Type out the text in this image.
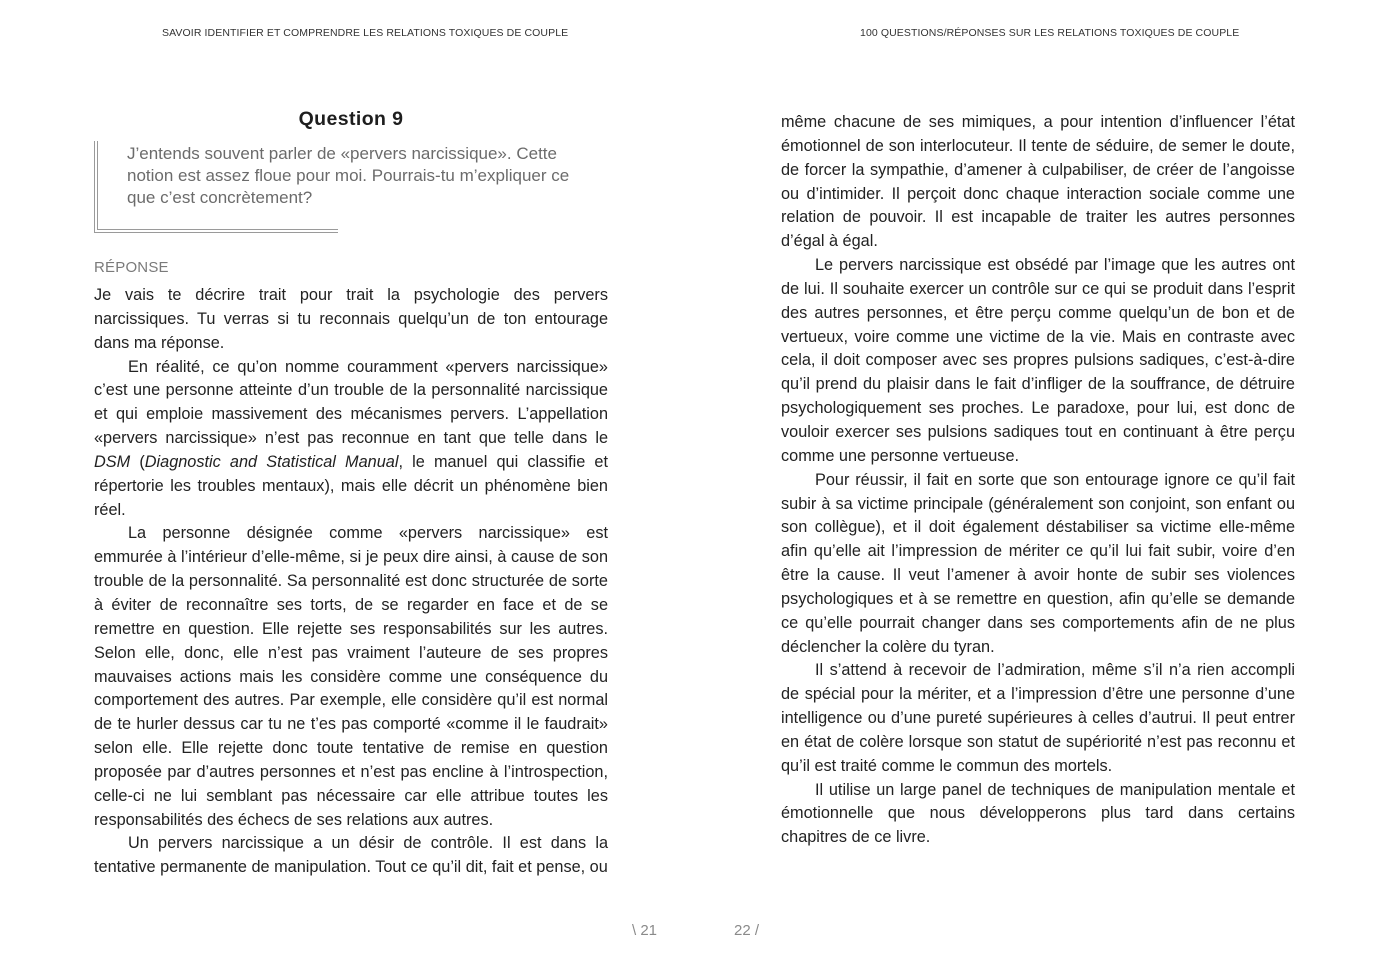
SAVOIR IDENTIFIER ET COMPRENDRE LES RELATIONS TOXIQUES DE COUPLE
Question 9
J’entends souvent parler de «pervers narcissique». Cette notion est assez floue pour moi. Pourrais-tu m’expliquer ce que c’est concrètement?
RÉPONSE

Je vais te décrire trait pour trait la psychologie des pervers narcissiques. Tu verras si tu reconnais quelqu’un de ton entourage dans ma réponse.

En réalité, ce qu’on nomme couramment «pervers narcissique» c’est une personne atteinte d’un trouble de la personnalité narcissique et qui emploie massivement des mécanismes pervers. L’appellation «pervers narcissique» n’est pas reconnue en tant que telle dans le DSM (Diagnostic and Statistical Manual, le manuel qui classifie et répertorie les troubles mentaux), mais elle décrit un phénomène bien réel.

La personne désignée comme «pervers narcissique» est emmurée à l’intérieur d’elle-même, si je peux dire ainsi, à cause de son trouble de la personnalité. Sa personnalité est donc structurée de sorte à éviter de reconnaître ses torts, de se regarder en face et de se remettre en question. Elle rejette ses responsabilités sur les autres. Selon elle, donc, elle n’est pas vraiment l’auteure de ses propres mauvaises actions mais les considère comme une conséquence du comportement des autres. Par exemple, elle considère qu’il est normal de te hurler dessus car tu ne t’es pas comporté «comme il le faudrait» selon elle. Elle rejette donc toute tentative de remise en question proposée par d’autres personnes et n’est pas encline à l’introspection, celle-ci ne lui semblant pas nécessaire car elle attribue toutes les responsabilités des échecs de ses relations aux autres.

Un pervers narcissique a un désir de contrôle. Il est dans la tentative permanente de manipulation. Tout ce qu’il dit, fait et pense, ou

\ 21
100 QUESTIONS/RÉPONSES SUR LES RELATIONS TOXIQUES DE COUPLE

même chacune de ses mimiques, a pour intention d’influencer l’état émotionnel de son interlocuteur. Il tente de séduire, de semer le doute, de forcer la sympathie, d’amener à culpabiliser, de créer de l’angoisse ou d’intimider. Il perçoit donc chaque interaction sociale comme une relation de pouvoir. Il est incapable de traiter les autres personnes d’égal à égal.

Le pervers narcissique est obsédé par l’image que les autres ont de lui. Il souhaite exercer un contrôle sur ce qui se produit dans l’esprit des autres personnes, et être perçu comme quelqu’un de bon et de vertueux, voire comme une victime de la vie. Mais en contraste avec cela, il doit composer avec ses propres pulsions sadiques, c’est-à-dire qu’il prend du plaisir dans le fait d’infliger de la souffrance, de détruire psychologiquement ses proches. Le paradoxe, pour lui, est donc de vouloir exercer ses pulsions sadiques tout en continuant à être perçu comme une personne vertueuse.

Pour réussir, il fait en sorte que son entourage ignore ce qu’il fait subir à sa victime principale (généralement son conjoint, son enfant ou son collègue), et il doit également déstabiliser sa victime elle-même afin qu’elle ait l’impression de mériter ce qu’il lui fait subir, voire d’en être la cause. Il veut l’amener à avoir honte de subir ses violences psychologiques et à se remettre en question, afin qu’elle se demande ce qu’elle pourrait changer dans ses comportements afin de ne plus déclencher la colère du tyran.

Il s’attend à recevoir de l’admiration, même s’il n’a rien accompli de spécial pour la mériter, et a l’impression d’être une personne d’une intelligence ou d’une pureté supérieures à celles d’autrui. Il peut entrer en état de colère lorsque son statut de supériorité n’est pas reconnu et qu’il est traité comme le commun des mortels.

Il utilise un large panel de techniques de manipulation mentale et émotionnelle que nous développerons plus tard dans certains chapitres de ce livre.

22 /
